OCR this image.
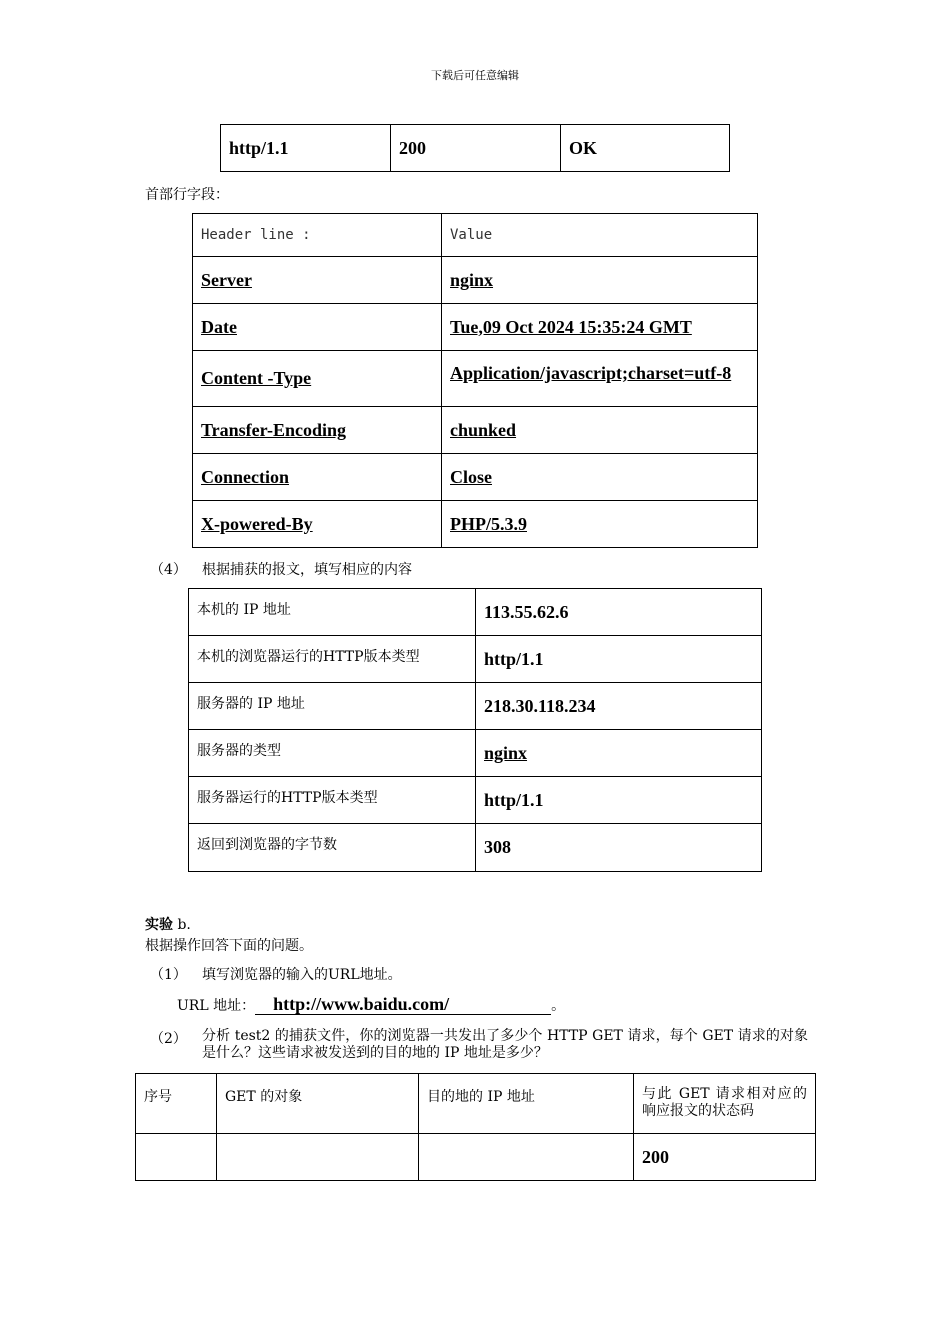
下载后可任意编辑
http/1.1	200	OK
首部行字段：
Header line :	Value
Server	nginx
Date	Tue,09 Oct 2024 15:35:24 GMT
Content -Type	Application/javascript;charset=utf-8
Transfer-Encoding	chunked
Connection	Close
X-powered-By	PHP/5.3.9
（4） 根据捕获的报文，填写相应的内容
本机的 IP 地址	113.55.62.6
本机的浏览器运行的HTTP版本类型	http/1.1
服务器的 IP 地址	218.30.118.234
服务器的类型	nginx
服务器运行的HTTP版本类型	http/1.1
返回到浏览器的字节数	308
实验 b.
根据操作回答下面的问题。
（1） 填写浏览器的输入的URL地址。
URL 地址： http://www.baidu.com/	。
（2） 分析 test2 的捕获文件，你的浏览器一共发出了多少个 HTTP GET 请求，每个 GET 请求的对象是什么？这些请求被发送到的目的地的 IP 地址是多少？
序号	GET 的对象	目的地的 IP 地址	与此 GET 请求相对应的响应报文的状态码
			200
